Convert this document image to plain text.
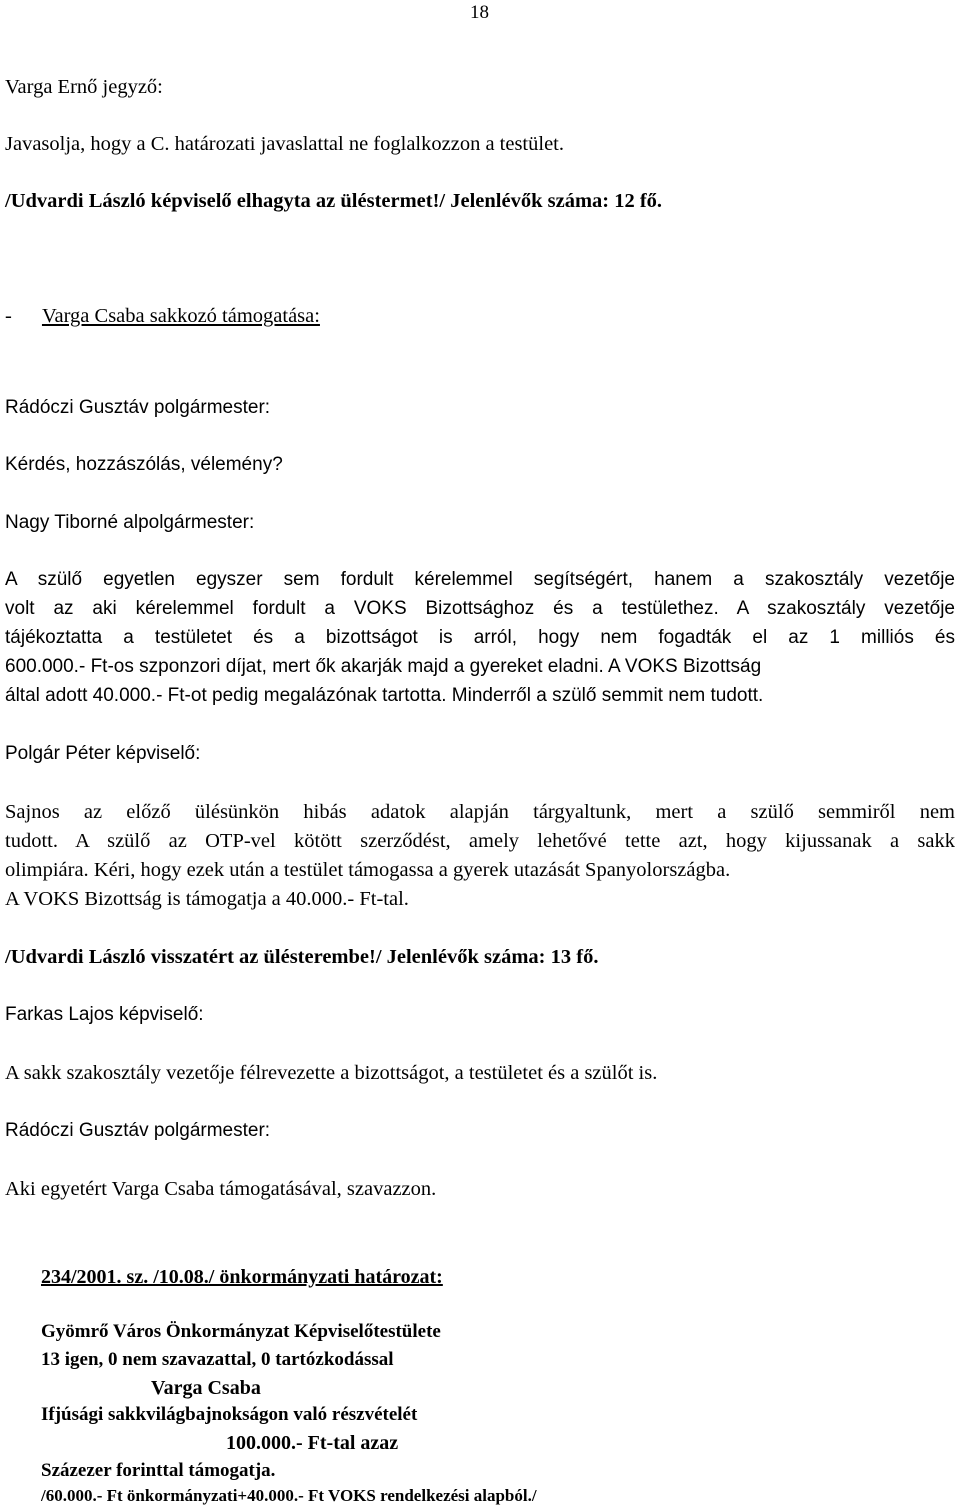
18
Varga Ernő jegyző:
Javasolja, hogy a C. határozati javaslattal ne foglalkozzon a testület.
/Udvardi László képviselő elhagyta az üléstermet!/ Jelenlévők száma: 12 fő.
- Varga Csaba sakkozó támogatása:
Rádóczi Gusztáv polgármester:
Kérdés, hozzászólás, vélemény?
Nagy Tiborné alpolgármester:
A szülő egyetlen egyszer sem fordult kérelemmel segítségért, hanem a szakosztály vezetője
volt az aki kérelemmel fordult a VOKS Bizottsághoz és a testülethez. A szakosztály vezetője
tájékoztatta a testületet és a bizottságot is arról, hogy nem fogadták el az 1 milliós és
600.000.- Ft-os szponzori díjat, mert ők akarják majd a gyereket eladni. A VOKS Bizottság
által adott 40.000.- Ft-ot pedig megalázónak tartotta. Minderről a szülő semmit nem tudott.
Polgár Péter képviselő:
Sajnos az előző ülésünkön hibás adatok alapján tárgyaltunk, mert a szülő semmiről nem
tudott. A szülő az OTP-vel kötött szerződést, amely lehetővé tette azt, hogy kijussanak a sakk
olimpiára. Kéri, hogy ezek után a testület támogassa a gyerek utazását Spanyolországba.
A VOKS Bizottság is támogatja a 40.000.- Ft-tal.
/Udvardi László visszatért az ülésterembe!/ Jelenlévők száma: 13 fő.
Farkas Lajos képviselő:
A sakk szakosztály vezetője félrevezette a bizottságot, a testületet és a szülőt is.
Rádóczi Gusztáv polgármester:
Aki egyetért Varga Csaba támogatásával, szavazzon.
234/2001. sz. /10.08./ önkormányzati határozat:
Gyömrő Város Önkormányzat Képviselőtestülete
13 igen, 0 nem szavazattal, 0 tartózkodással
Varga Csaba
Ifjúsági sakkvilágbajnokságon való részvételét
100.000.- Ft-tal azaz
Százezer forinttal támogatja.
/60.000.- Ft önkormányzati+40.000.- Ft VOKS rendelkezési alapból./
